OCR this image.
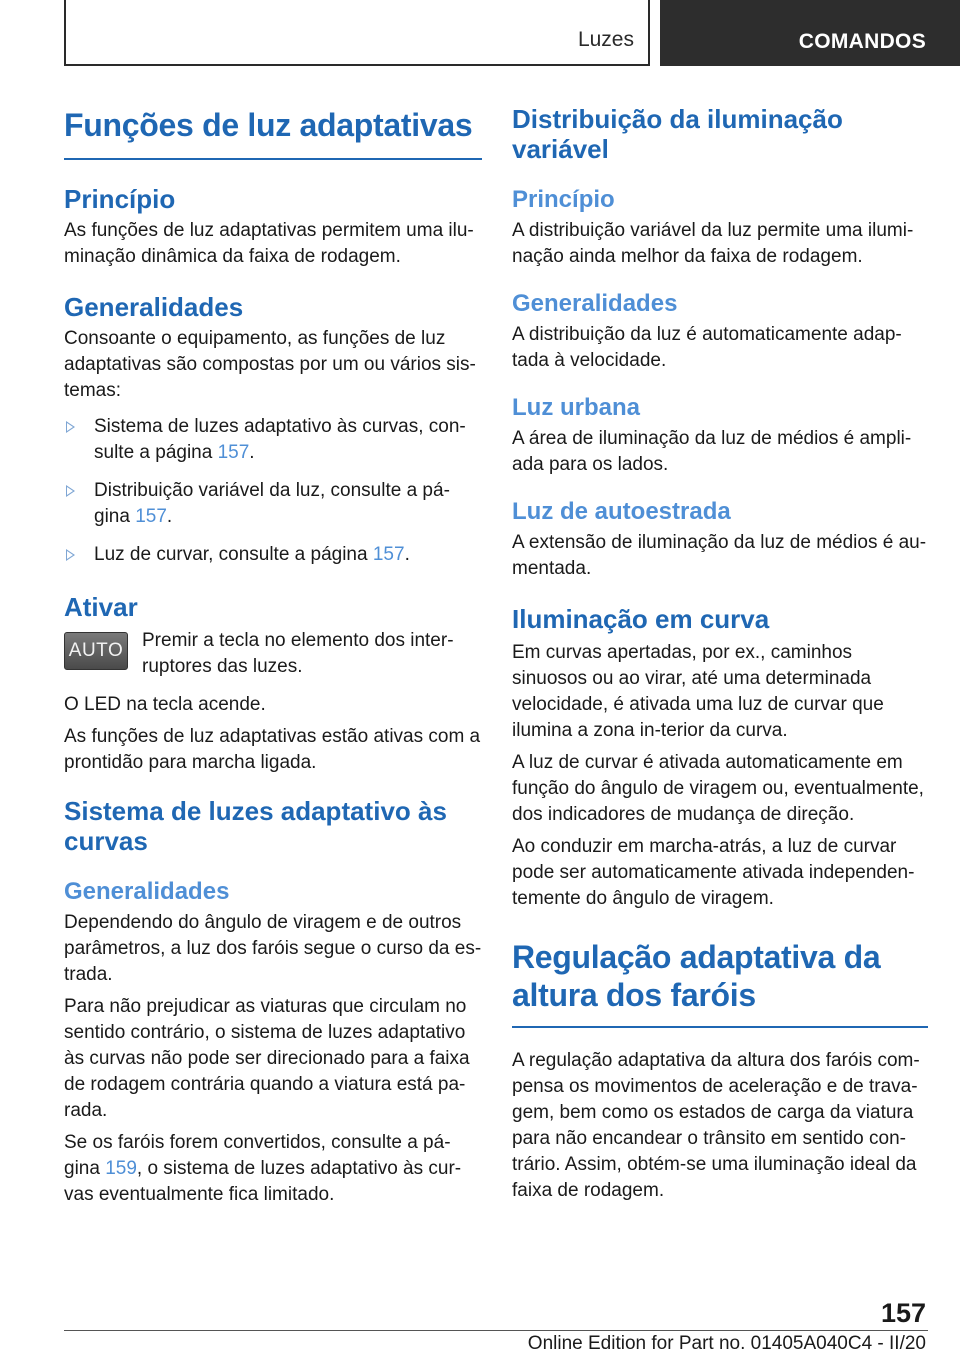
Luzes	COMANDOS
Funções de luz adaptativas
Princípio

As funções de luz adaptativas permitem uma ilu-minação dinâmica da faixa de rodagem.

Generalidades

Consoante o equipamento, as funções de luz adaptativas são compostas por um ou vários sis-temas:

Sistema de luzes adaptativo às curvas, con-sulte a página 157.
Distribuição variável da luz, consulte a pá-gina 157.
Luz de curvar, consulte a página 157.
Ativar
AUTO Premir a tecla no elemento dos inter-ruptores das luzes.

O LED na tecla acende.

As funções de luz adaptativas estão ativas com a prontidão para marcha ligada.

Sistema de luzes adaptativo às curvas
Generalidades

Dependendo do ângulo de viragem e de outros parâmetros, a luz dos faróis segue o curso da es-trada.

Para não prejudicar as viaturas que circulam no sentido contrário, o sistema de luzes adaptativo às curvas não pode ser direcionado para a faixa de rodagem contrária quando a viatura está pa-rada.

Se os faróis forem convertidos, consulte a pá-gina 159, o sistema de luzes adaptativo às cur-vas eventualmente fica limitado.

Distribuição da iluminação variável
Princípio

A distribuição variável da luz permite uma ilumi-nação ainda melhor da faixa de rodagem.

Generalidades

A distribuição da luz é automaticamente adap-tada à velocidade.

Luz urbana

A área de iluminação da luz de médios é ampli-ada para os lados.

Luz de autoestrada

A extensão de iluminação da luz de médios é au-mentada.

Iluminação em curva

Em curvas apertadas, por ex., caminhos sinuosos ou ao virar, até uma determinada velocidade, é ativada uma luz de curvar que ilumina a zona in-terior da curva.

A luz de curvar é ativada automaticamente em função do ângulo de viragem ou, eventualmente, dos indicadores de mudança de direção.

Ao conduzir em marcha-atrás, a luz de curvar pode ser automaticamente ativada independen-temente do ângulo de viragem.

Regulação adaptativa da altura dos faróis

A regulação adaptativa da altura dos faróis com-pensa os movimentos de aceleração e de trava-gem, bem como os estados de carga da viatura para não encandear o trânsito em sentido con-trário. Assim, obtém-se uma iluminação ideal da faixa de rodagem.

157
Online Edition for Part no. 01405A040C4 - II/20
